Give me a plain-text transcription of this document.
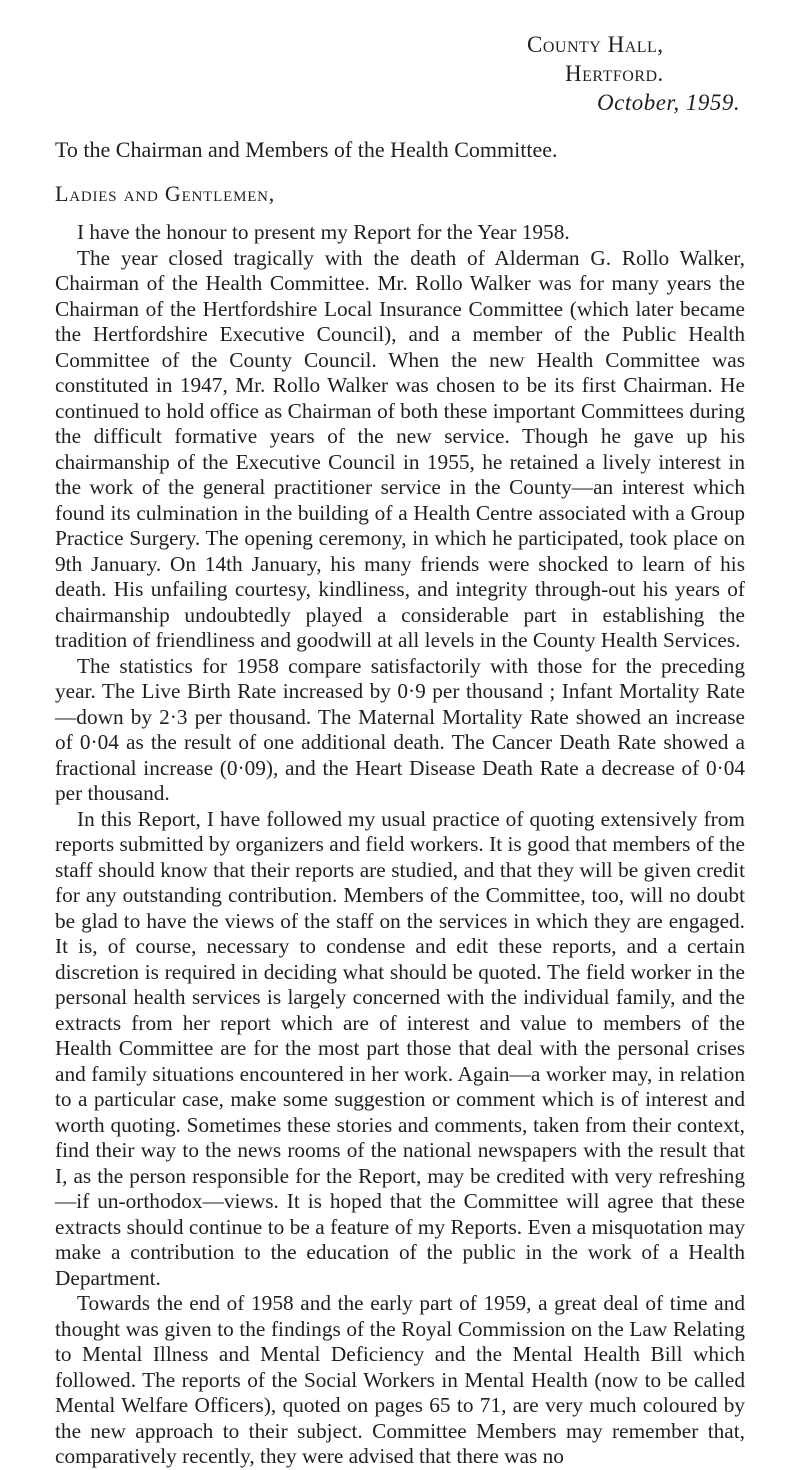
County Hall,
Hertford.
October, 1959.
To the Chairman and Members of the Health Committee.
Ladies and Gentlemen,

I have the honour to present my Report for the Year 1958.

The year closed tragically with the death of Alderman G. Rollo Walker, Chairman of the Health Committee. Mr. Rollo Walker was for many years the Chairman of the Hertfordshire Local Insurance Committee (which later became the Hertfordshire Executive Council), and a member of the Public Health Committee of the County Council. When the new Health Committee was constituted in 1947, Mr. Rollo Walker was chosen to be its first Chairman. He continued to hold office as Chairman of both these important Committees during the difficult formative years of the new service. Though he gave up his chairmanship of the Executive Council in 1955, he retained a lively interest in the work of the general practitioner service in the County—an interest which found its culmination in the building of a Health Centre associated with a Group Practice Surgery. The opening ceremony, in which he participated, took place on 9th January. On 14th January, his many friends were shocked to learn of his death. His unfailing courtesy, kindliness, and integrity through-out his years of chairmanship undoubtedly played a considerable part in establishing the tradition of friendliness and goodwill at all levels in the County Health Services.

The statistics for 1958 compare satisfactorily with those for the preceding year. The Live Birth Rate increased by 0·9 per thousand ; Infant Mortality Rate—down by 2·3 per thousand. The Maternal Mortality Rate showed an increase of 0·04 as the result of one additional death. The Cancer Death Rate showed a fractional increase (0·09), and the Heart Disease Death Rate a decrease of 0·04 per thousand.

In this Report, I have followed my usual practice of quoting extensively from reports submitted by organizers and field workers. It is good that members of the staff should know that their reports are studied, and that they will be given credit for any outstanding contribution. Members of the Committee, too, will no doubt be glad to have the views of the staff on the services in which they are engaged. It is, of course, necessary to condense and edit these reports, and a certain discretion is required in deciding what should be quoted. The field worker in the personal health services is largely concerned with the individual family, and the extracts from her report which are of interest and value to members of the Health Committee are for the most part those that deal with the personal crises and family situations encountered in her work. Again—a worker may, in relation to a particular case, make some suggestion or comment which is of interest and worth quoting. Sometimes these stories and comments, taken from their context, find their way to the news rooms of the national newspapers with the result that I, as the person responsible for the Report, may be credited with very refreshing—if un-orthodox—views. It is hoped that the Committee will agree that these extracts should continue to be a feature of my Reports. Even a misquotation may make a contribution to the education of the public in the work of a Health Department.

Towards the end of 1958 and the early part of 1959, a great deal of time and thought was given to the findings of the Royal Commission on the Law Relating to Mental Illness and Mental Deficiency and the Mental Health Bill which followed. The reports of the Social Workers in Mental Health (now to be called Mental Welfare Officers), quoted on pages 65 to 71, are very much coloured by the new approach to their subject. Committee Members may remember that, comparatively recently, they were advised that there was no
